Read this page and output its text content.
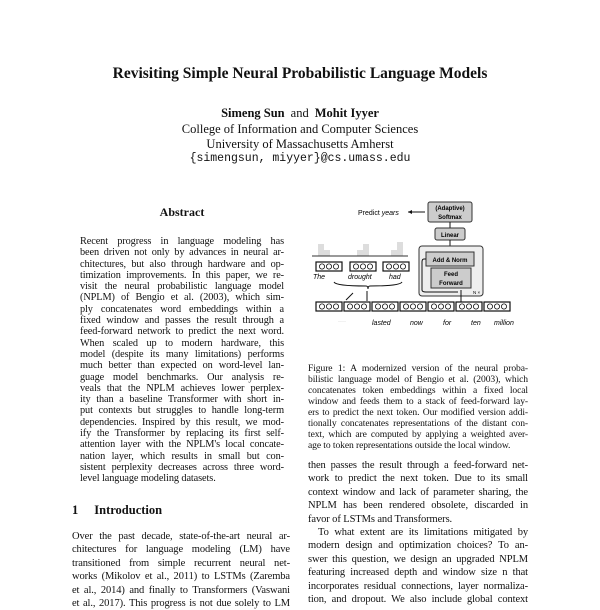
Revisiting Simple Neural Probabilistic Language Models
Simeng Sun and Mohit Iyyer
College of Information and Computer Sciences
University of Massachusetts Amherst
{simengsun, miyyer}@cs.umass.edu
Abstract
Recent progress in language modeling has
been driven not only by advances in neural ar-
chitectures, but also through hardware and op-
timization improvements. In this paper, we re-
visit the neural probabilistic language model
(NPLM) of Bengio et al. (2003), which sim-
ply concatenates word embeddings within a
fixed window and passes the result through a
feed-forward network to predict the next word.
When scaled up to modern hardware, this
model (despite its many limitations) performs
much better than expected on word-level lan-
guage model benchmarks. Our analysis re-
veals that the NPLM achieves lower perplex-
ity than a baseline Transformer with short in-
put contexts but struggles to handle long-term
dependencies. Inspired by this result, we mod-
ify the Transformer by replacing its first self-
attention layer with the NPLM's local concate-
nation layer, which results in small but con-
sistent perplexity decreases across three word-
level language modeling datasets.
1 Introduction
Over the past decade, state-of-the-art neural ar-
chitectures for language modeling (LM) have
transitioned from simple recurrent neural net-
works (Mikolov et al., 2011) to LSTMs (Zaremba
et al., 2014) and finally to Transformers (Vaswani
et al., 2017). This progress is not due solely to LM
Predict years
(Adaptive)
Softmax
Linear
Add & Norm
Feed
Forward
N ×
The	drought had
........	lasted	now	for	ten million
Figure 1: A modernized version of the neural proba-
bilistic language model of Bengio et al. (2003), which
concatenates token embeddings within a fixed local
window and feeds them to a stack of feed-forward lay-
ers to predict the next token. Our modified version addi-
tionally concatenates representations of the distant con-
text, which are computed by applying a weighted aver-
age to token representations outside the local window.
then passes the result through a feed-forward net-
work to predict the next token. Due to its small
context window and lack of parameter sharing, the
NPLM has been rendered obsolete, discarded in
favor of LSTMs and Transformers.
To what extent are its limitations mitigated by
modern design and optimization choices? To an-
swer this question, we design an upgraded NPLM
featuring increased depth and window size n that
incorporates residual connections, layer normaliza-
tion, and dropout. We also include global context
